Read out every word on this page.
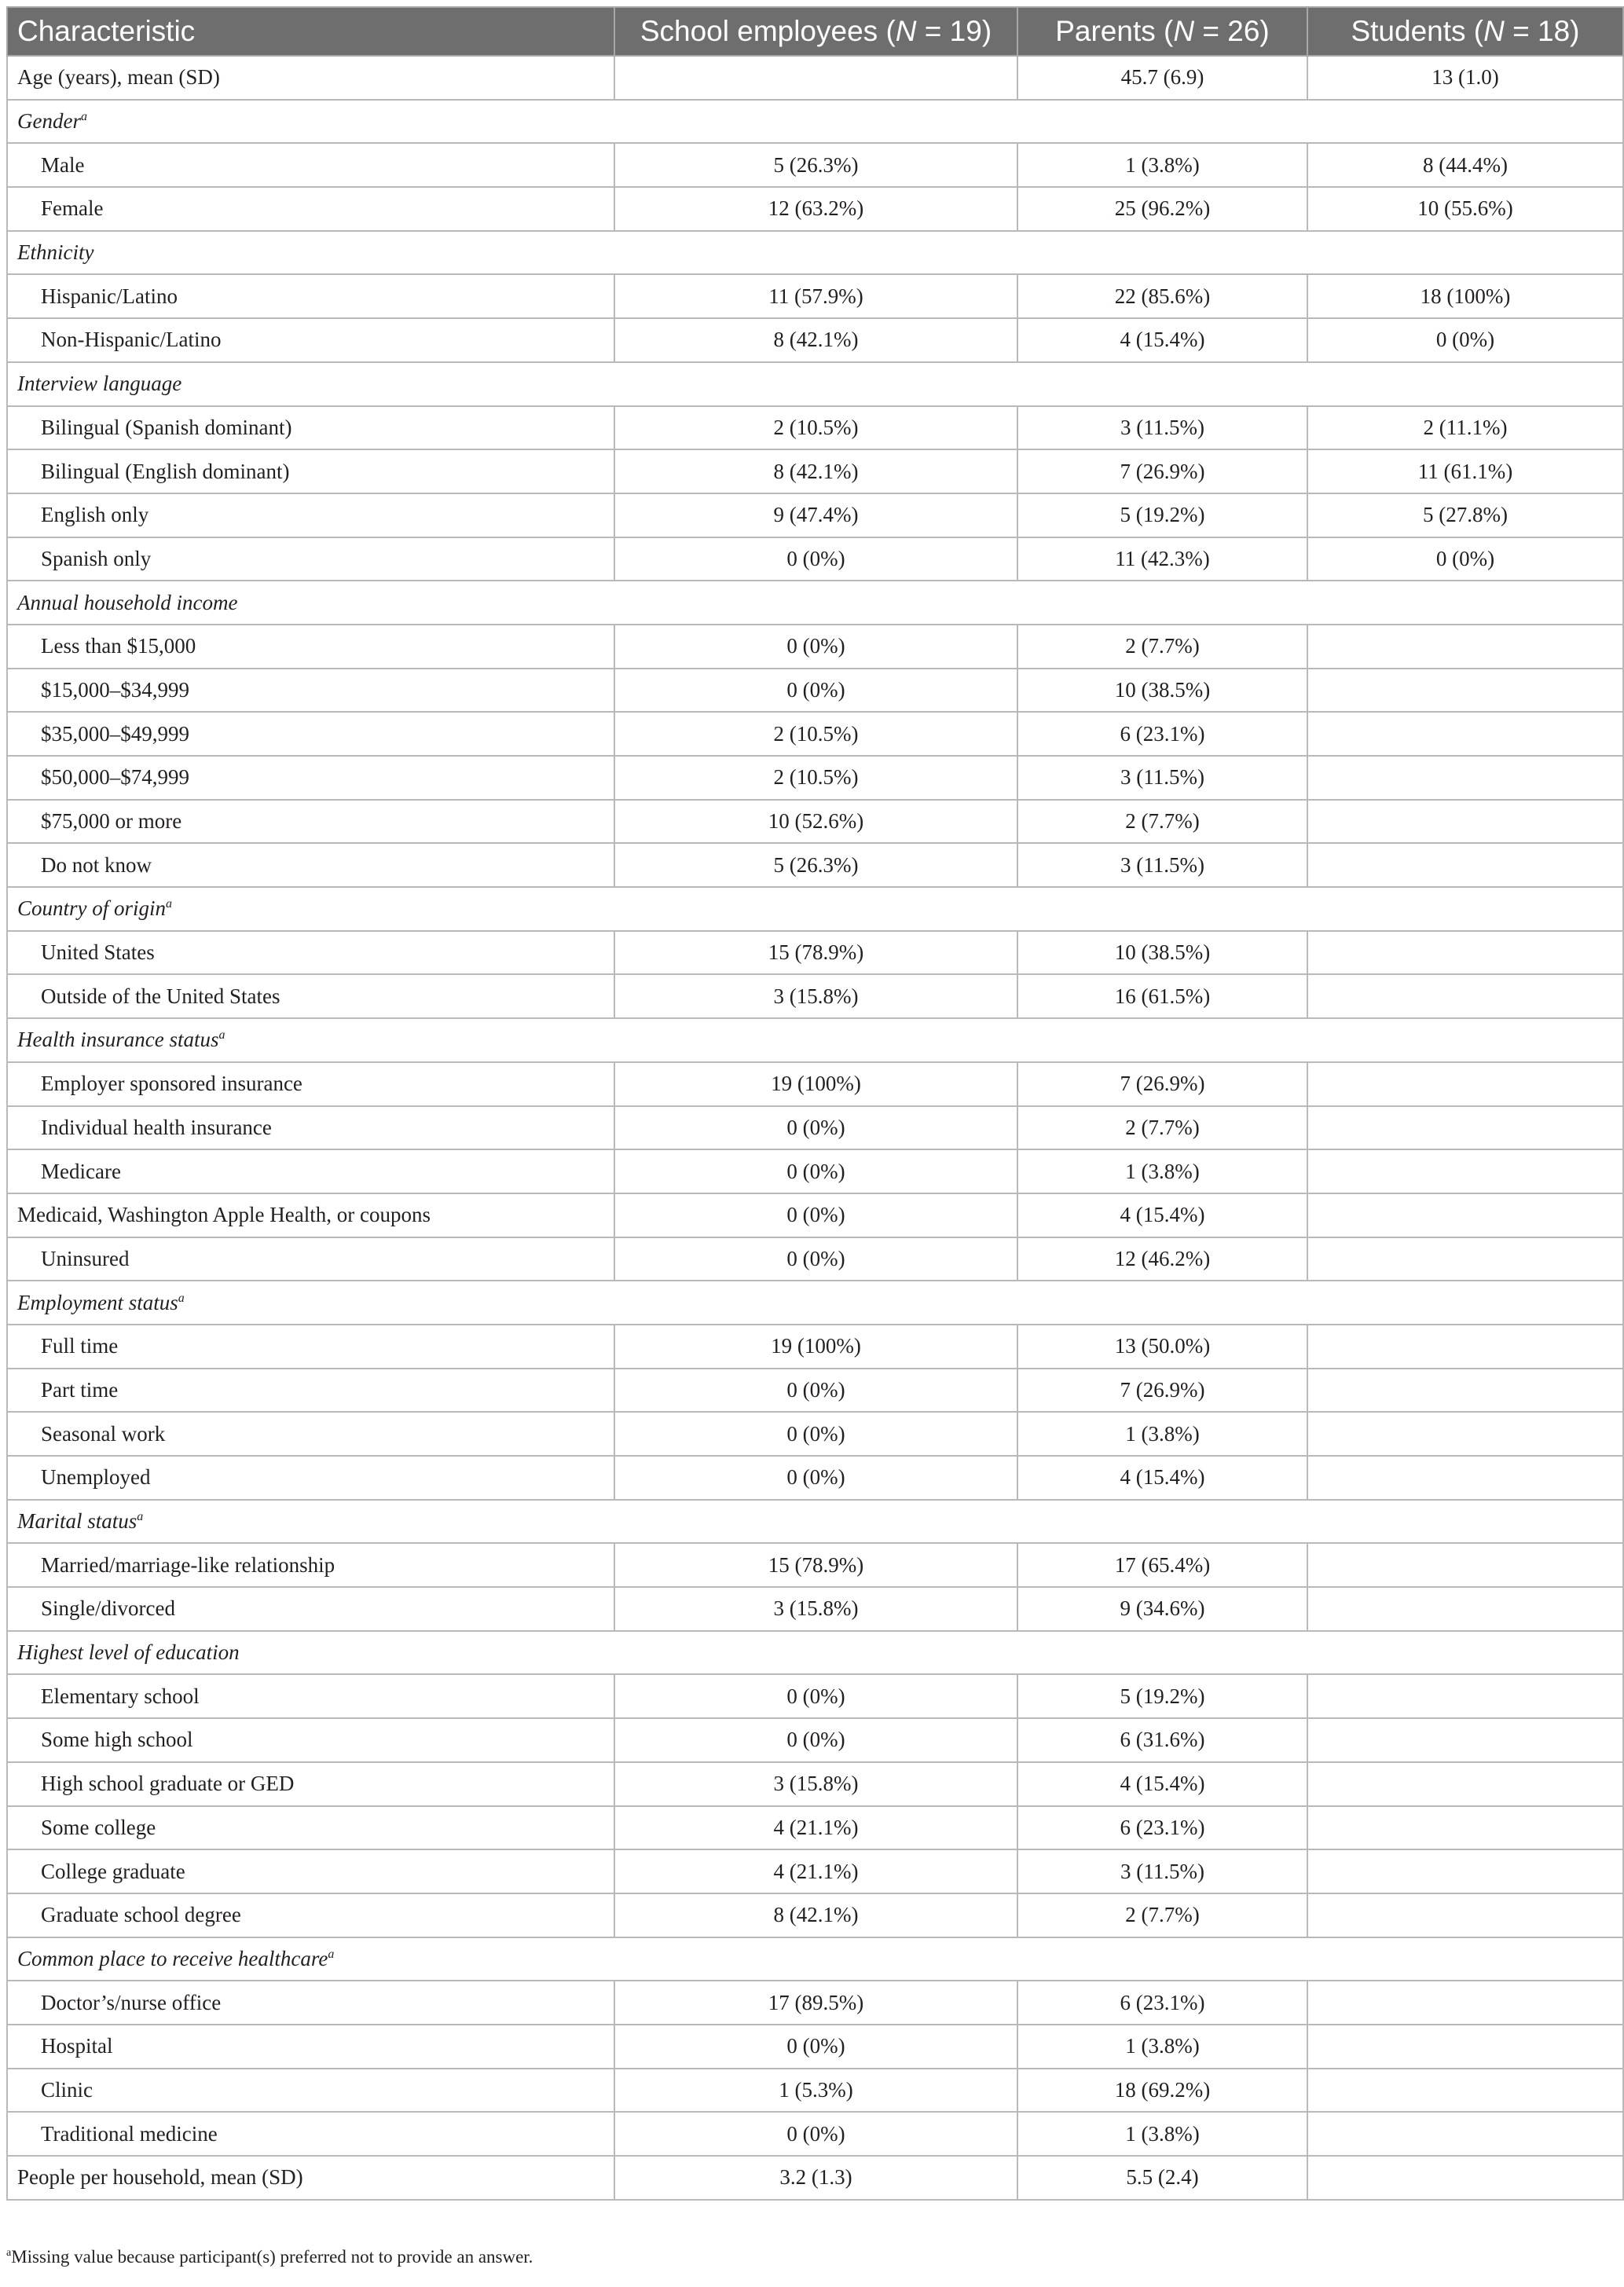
Characteristic	School employees (N = 19)	Parents (N = 26)	Students (N = 18)
Age (years), mean (SD)		45.7 (6.9)	13 (1.0)
Gender$^a$
Male	5 (26.3%)	1 (3.8%)	8 (44.4%)
Female	12 (63.2%)	25 (96.2%)	10 (55.6%)
Ethnicity			
Hispanic/Latino	11 (57.9%)	22 (85.6%)	18 (100%)
Non-Hispanic/Latino	8 (42.1%)	4 (15.4%)	0 (0%)
Interview language			
Bilingual (Spanish dominant)	2 (10.5%)	3 (11.5%)	2 (11.1%)
Bilingual (English dominant)	8 (42.1%)	7 (26.9%)	11 (61.1%)
English only	9 (47.4%)	5 (19.2%)	5 (27.8%)
Spanish only	0 (0%)	11 (42.3%)	0 (0%)
Annual household income			
Less than $15,000	0 (0%)	2 (7.7%)	
$15,000–$34,999	0 (0%)	10 (38.5%)	
$35,000–$49,999	2 (10.5%)	6 (23.1%)	
$50,000–$74,999	2 (10.5%)	3 (11.5%)	
$75,000 or more	10 (52.6%)	2 (7.7%)	
Do not know	5 (26.3%)	3 (11.5%)	
Country of origin$^a$
United States	15 (78.9%)	10 (38.5%)	
Outside of the United States	3 (15.8%)	16 (61.5%)	
Health insurance status$^a$
Employer sponsored insurance	19 (100%)	7 (26.9%)	
Individual health insurance	0 (0%)	2 (7.7%)	
Medicare	0 (0%)	1 (3.8%)	
Medicaid, Washington Apple Health, or coupons	0 (0%)	4 (15.4%)	
Uninsured	0 (0%)	12 (46.2%)	
Employment status$^a$
Full time	19 (100%)	13 (50.0%)	
Part time	0 (0%)	7 (26.9%)	
Seasonal work	0 (0%)	1 (3.8%)	
Unemployed	0 (0%)	4 (15.4%)	
Marital status$^a$
Married/marriage-like relationship	15 (78.9%)	17 (65.4%)	
Single/divorced	3 (15.8%)	9 (34.6%)	
Highest level of education			
Elementary school	0 (0%)	5 (19.2%)	
Some high school	0 (0%)	6 (31.6%)	
High school graduate or GED	3 (15.8%)	4 (15.4%)	
Some college	4 (21.1%)	6 (23.1%)	
College graduate	4 (21.1%)	3 (11.5%)	
Graduate school degree	8 (42.1%)	2 (7.7%)	
Common place to receive healthcare$^a$
Doctor’s/nurse office	17 (89.5%)	6 (23.1%)	
Hospital	0 (0%)	1 (3.8%)	
Clinic	1 (5.3%)	18 (69.2%)	
Traditional medicine	0 (0%)	1 (3.8%)	
People per household, mean (SD)	3.2 (1.3)	5.5 (2.4)	
$^a$Missing value because participant(s) preferred not to provide an answer.
